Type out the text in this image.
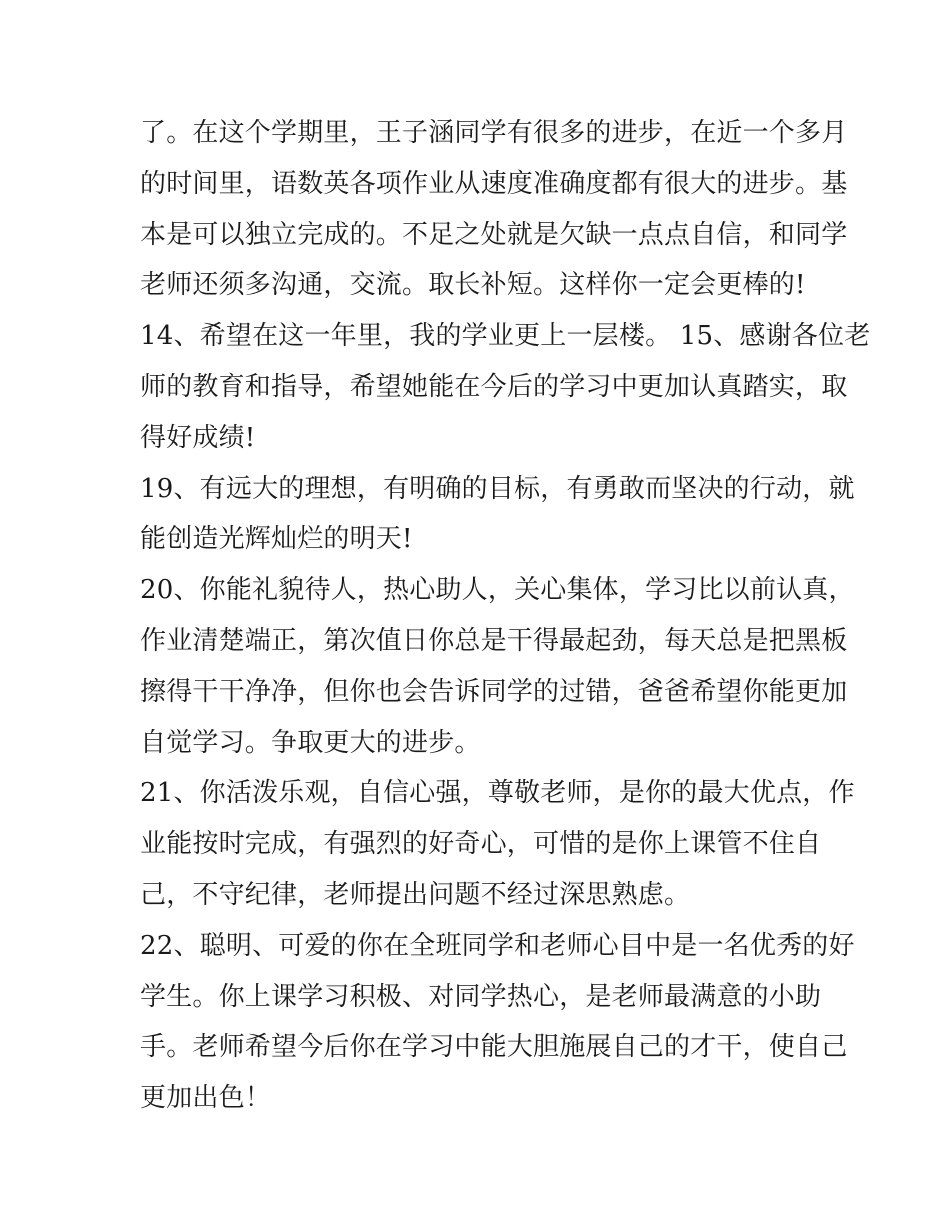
了。在这个学期里，王子涵同学有很多的进步，在近一个多月
的时间里，语数英各项作业从速度准确度都有很大的进步。基
本是可以独立完成的。不足之处就是欠缺一点点自信，和同学
老师还须多沟通，交流。取长补短。这样你一定会更棒的!
14、希望在这一年里，我的学业更上一层楼。 15、感谢各位老
师的教育和指导，希望她能在今后的学习中更加认真踏实，取
得好成绩!
19、有远大的理想，有明确的目标，有勇敢而坚决的行动，就
能创造光辉灿烂的明天!
20、你能礼貌待人，热心助人，关心集体，学习比以前认真，
作业清楚端正，第次值日你总是干得最起劲，每天总是把黑板
擦得干干净净，但你也会告诉同学的过错，爸爸希望你能更加
自觉学习。争取更大的进步。
21、你活泼乐观，自信心强，尊敬老师，是你的最大优点，作
业能按时完成，有强烈的好奇心，可惜的是你上课管不住自
己，不守纪律，老师提出问题不经过深思熟虑。
22、聪明、可爱的你在全班同学和老师心目中是一名优秀的好
学生。你上课学习积极、对同学热心，是老师最满意的小助
手。老师希望今后你在学习中能大胆施展自己的才干，使自己
更加出色！
